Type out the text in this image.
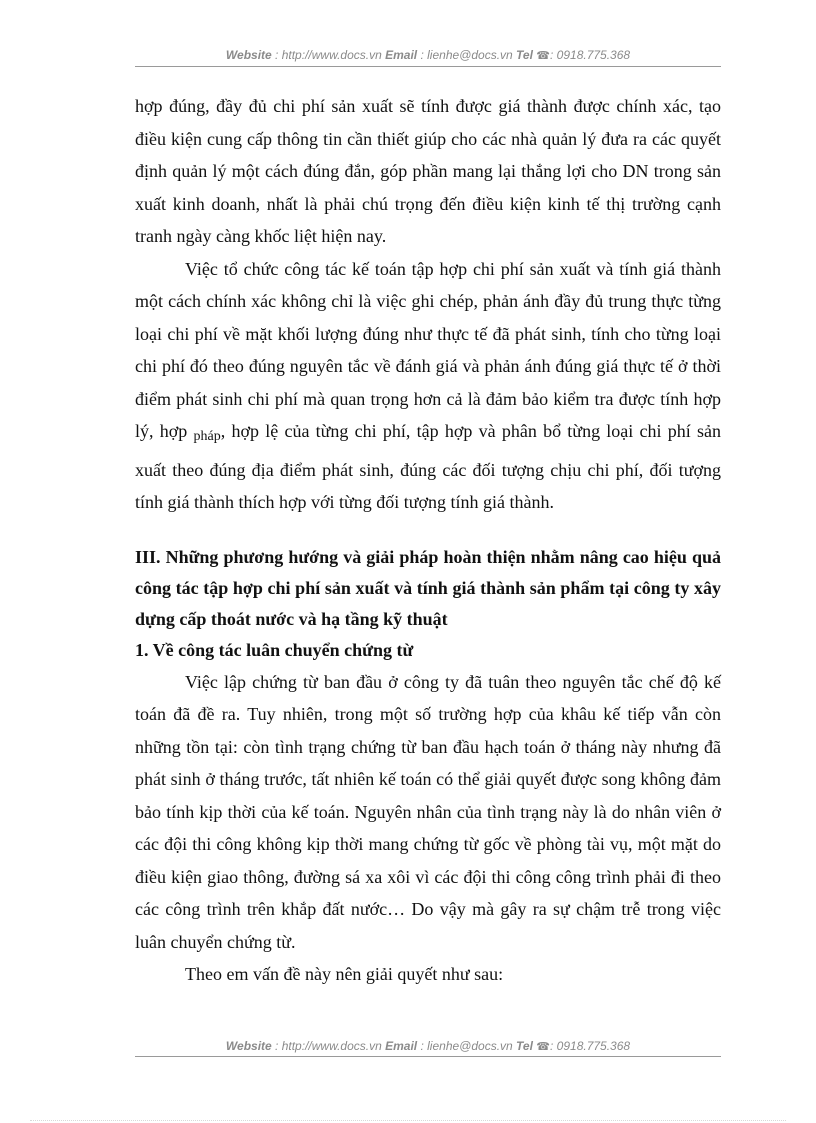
Website : http://www.docs.vn Email : lienhe@docs.vn Tel ☎: 0918.775.368

hợp đúng, đầy đủ chi phí sản xuất sẽ tính được giá thành được chính xác, tạo điều kiện cung cấp thông tin cần thiết giúp cho các nhà quản lý đưa ra các quyết định quản lý một cách đúng đắn, góp phần mang lại thắng lợi cho DN trong sản xuất kinh doanh, nhất là phải chú trọng đến điều kiện kinh tế thị trường cạnh tranh ngày càng khốc liệt hiện nay.

Việc tổ chức công tác kế toán tập hợp chi phí sản xuất và tính giá thành một cách chính xác không chỉ là việc ghi chép, phản ánh đầy đủ trung thực từng loại chi phí về mặt khối lượng đúng như thực tế đã phát sinh, tính cho từng loại chi phí đó theo đúng nguyên tắc về đánh giá và phản ánh đúng giá thực tế ở thời điểm phát sinh chi phí mà quan trọng hơn cả là đảm bảo kiểm tra được tính hợp lý, hợp pháp, hợp lệ của từng chi phí, tập hợp và phân bổ từng loại chi phí sản xuất theo đúng địa điểm phát sinh, đúng các đối tượng chịu chi phí, đối tượng tính giá thành thích hợp với từng đối tượng tính giá thành.

III. Những phương hướng và giải pháp hoàn thiện nhằm nâng cao hiệu quả công tác tập hợp chi phí sản xuất và tính giá thành sản phẩm tại công ty xây dựng cấp thoát nước và hạ tầng kỹ thuật

1. Về công tác luân chuyển chứng từ

Việc lập chứng từ ban đầu ở công ty đã tuân theo nguyên tắc chế độ kế toán đã đề ra. Tuy nhiên, trong một số trường hợp của khâu kế tiếp vẫn còn những tồn tại: còn tình trạng chứng từ ban đầu hạch toán ở tháng này nhưng đã phát sinh ở tháng trước, tất nhiên kế toán có thể giải quyết được song không đảm bảo tính kịp thời của kế toán. Nguyên nhân của tình trạng này là do nhân viên ở các đội thi công không kịp thời mang chứng từ gốc về phòng tài vụ, một mặt do điều kiện giao thông, đường sá xa xôi vì các đội thi công công trình phải đi theo các công trình trên khắp đất nước… Do vậy mà gây ra sự chậm trễ trong việc luân chuyển chứng từ.

Theo em vấn đề này nên giải quyết như sau:

Website : http://www.docs.vn Email : lienhe@docs.vn Tel ☎: 0918.775.368
